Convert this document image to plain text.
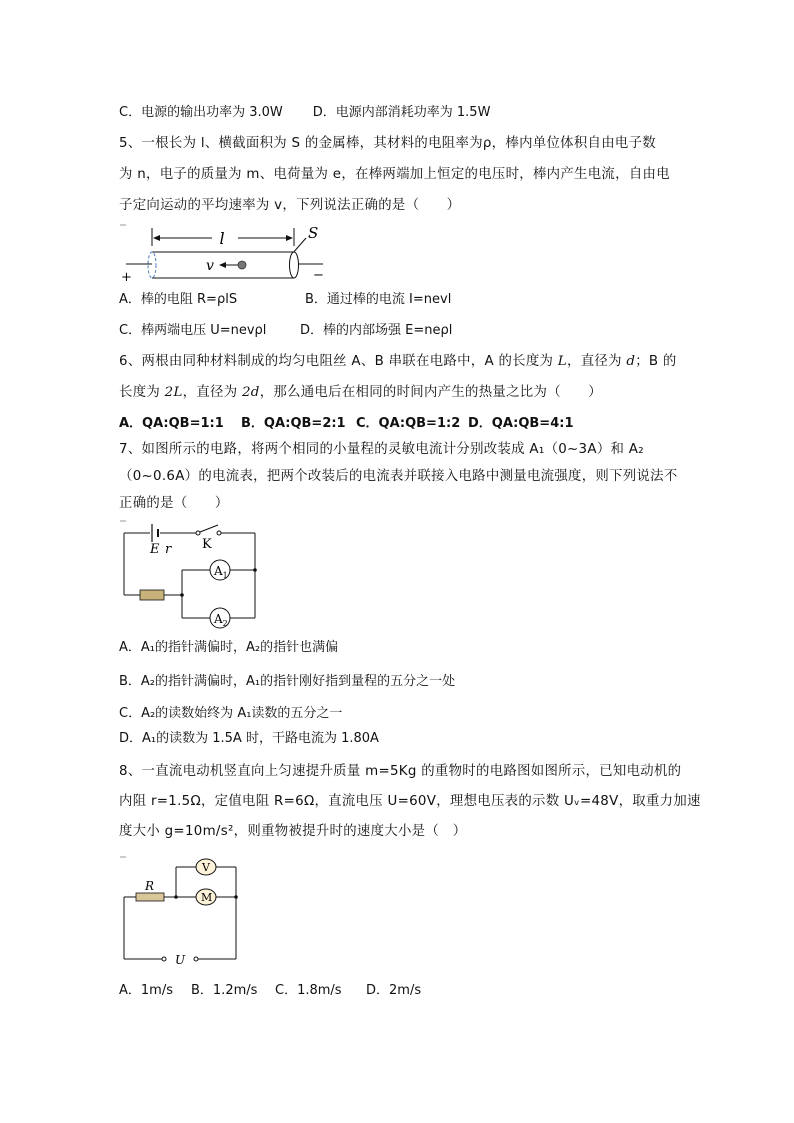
C．电源的输出功率为 3.0W D．电源内部消耗功率为 1.5W
5、一根长为 l、横截面积为 S 的金属棒，其材料的电阻率为ρ，棒内单位体积自由电子数
为 n，电子的质量为 m、电荷量为 e，在棒两端加上恒定的电压时，棒内产生电流，自由电
子定向运动的平均速率为 v，下列说法正确的是（　　）
l	S
v
+	−
A．棒的电阻 R=ρlS	B．通过棒的电流 I=nevl
C．棒两端电压 U=nevρl	D．棒的内部场强 E=neρl
6、两根由同种材料制成的均匀电阻丝 A、B 串联在电路中，A 的长度为 L，直径为 d；B 的
长度为 2L，直径为 2d，那么通电后在相同的时间内产生的热量之比为（　　）
A．QA:QB=1:1 B．QA:QB=2:1 C．QA:QB=1:2 D．QA:QB=4:1
7、如图所示的电路，将两个相同的小量程的灵敏电流计分别改装成 A₁（0~3A）和 A₂
（0~0.6A）的电流表，把两个改装后的电流表并联接入电路中测量电流强度，则下列说法不
正确的是（　　）
E r K
$A_1$
$A_2$
A．A₁的指针满偏时，A₂的指针也满偏
B．A₂的指针满偏时，A₁的指针刚好指到量程的五分之一处
C．A₂的读数始终为 A₁读数的五分之一
D．A₁的读数为 1.5A 时，干路电流为 1.80A
8、一直流电动机竖直向上匀速提升质量 m=5Kg 的重物时的电路图如图所示，已知电动机的
内阻 r=1.5Ω，定值电阻 R=6Ω，直流电压 U=60V，理想电压表的示数 Uᵥ=48V，取重力加速
度大小 g=10m/s²，则重物被提升时的速度大小是（　）
R
V
M
U
A．1m/s B．1.2m/s C．1.8m/s D．2m/s
